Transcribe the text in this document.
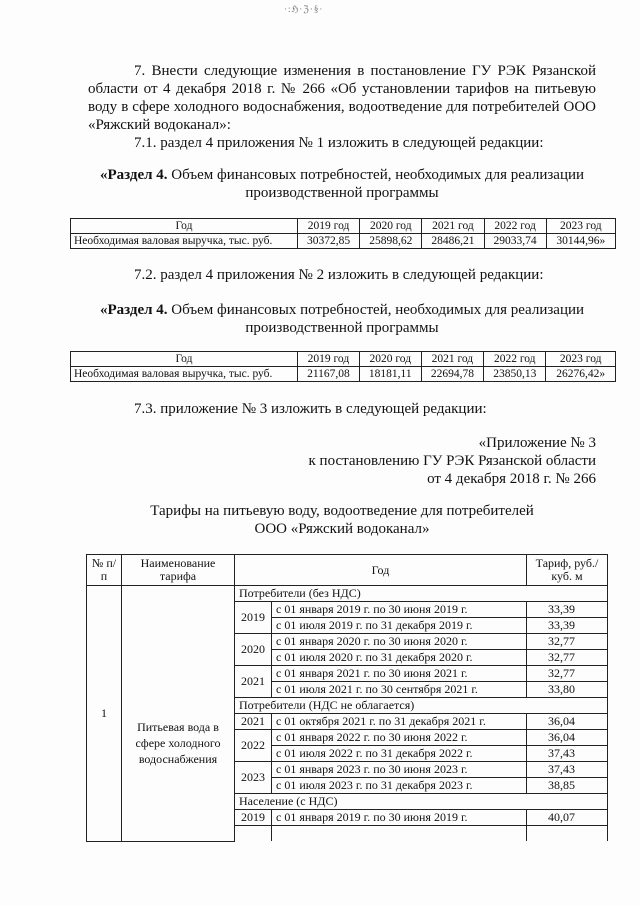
·:ℌ·ℨ·§·
7. Внести следующие изменения в постановление ГУ РЭК Рязанской области от 4 декабря 2018 г. № 266 «Об установлении тарифов на питьевую воду в сфере холодного водоснабжения, водоотведение для потребителей ООО «Ряжский водоканал»:
7.1. раздел 4 приложения № 1 изложить в следующей редакции:
«Раздел 4. Объем финансовых потребностей, необходимых для реализации производственной программы
Год	2019 год	2020 год	2021 год	2022 год	2023 год
Необходимая валовая выручка, тыс. руб.	30372,85	25898,62	28486,21	29033,74	30144,96»
7.2. раздел 4 приложения № 2 изложить в следующей редакции:
«Раздел 4. Объем финансовых потребностей, необходимых для реализации производственной программы
Год	2019 год	2020 год	2021 год	2022 год	2023 год
Необходимая валовая выручка, тыс. руб.	21167,08	18181,11	22694,78	23850,13	26276,42»
7.3. приложение № 3 изложить в следующей редакции:
«Приложение № 3
к постановлению ГУ РЭК Рязанской области
от 4 декабря 2018 г. № 266
Тарифы на питьевую воду, водоотведение для потребителей
ООО «Ряжский водоканал»
№ п/п	Наименование тарифа	Год		Тариф, руб./куб. м
1	Питьевая вода в сфере холодного водоснабжения	Потребители (без НДС)		
		2019	с 01 января 2019 г. по 30 июня 2019 г.	33,39
			с 01 июля 2019 г. по 31 декабря 2019 г.	33,39
		2020	с 01 января 2020 г. по 30 июня 2020 г.	32,77
			с 01 июля 2020 г. по 31 декабря 2020 г.	32,77
		2021	с 01 января 2021 г. по 30 июня 2021 г.	32,77
			с 01 июля 2021 г. по 30 сентября 2021 г.	33,80
		Потребители (НДС не облагается)		
		2021	с 01 октября 2021 г. по 31 декабря 2021 г.	36,04
		2022	с 01 января 2022 г. по 30 июня 2022 г.	36,04
			с 01 июля 2022 г. по 31 декабря 2022 г.	37,43
		2023	с 01 января 2023 г. по 30 июня 2023 г.	37,43
			с 01 июля 2023 г. по 31 декабря 2023 г.	38,85
		Население (с НДС)		
		2019	с 01 января 2019 г. по 30 июня 2019 г.	40,07
